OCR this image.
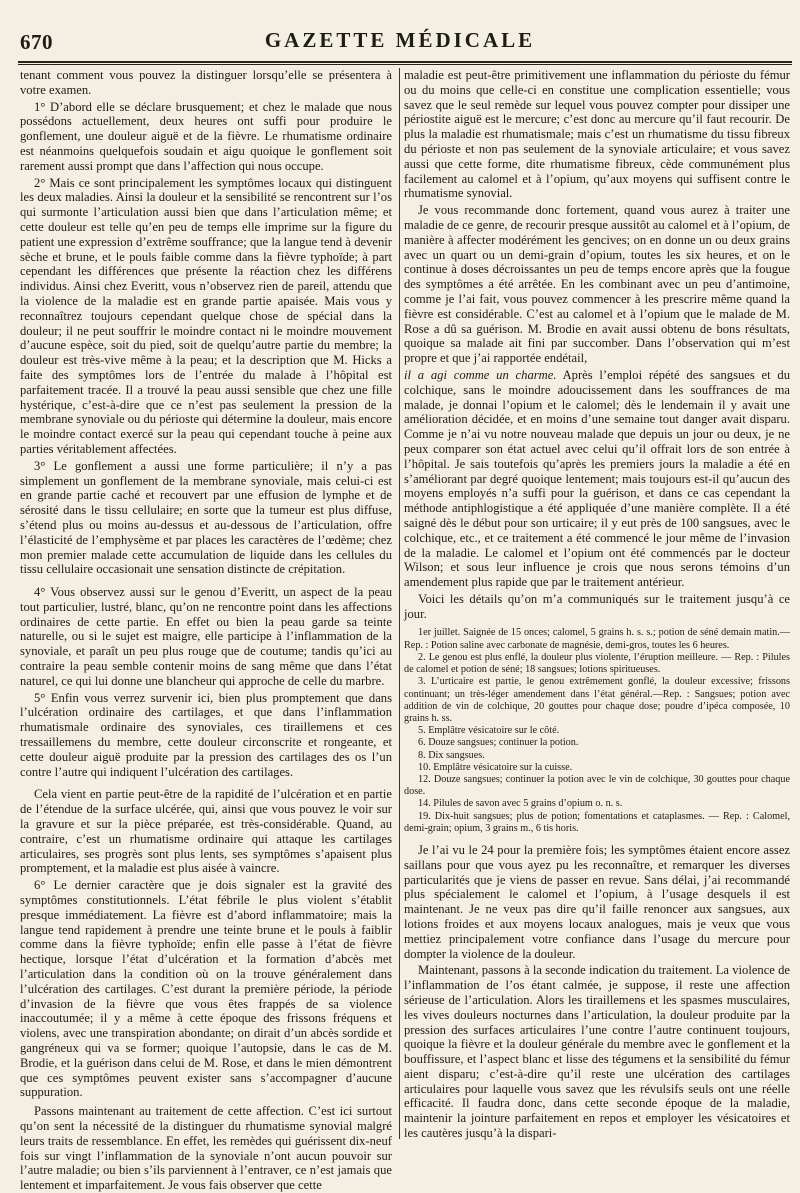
670	GAZETTE MÉDICALE

tenant comment vous pouvez la distinguer lorsqu’elle se présentera à votre examen.

1° D’abord elle se déclare brusquement; et chez le malade que nous possédons actuellement, deux heures ont suffi pour produire le gonflement, une douleur aiguë et de la fièvre. Le rhumatisme ordinaire est néanmoins quelquefois soudain et aigu quoique le gonflement soit rarement aussi prompt que dans l’affection qui nous occupe.

2° Mais ce sont principalement les symptômes locaux qui distinguent les deux maladies. Ainsi la douleur et la sensibilité se rencontrent sur l’os qui surmonte l’articulation aussi bien que dans l’articulation même; et cette douleur est telle qu’en peu de temps elle imprime sur la figure du patient une expression d’extrême souffrance; que la langue tend à devenir sèche et brune, et le pouls faible comme dans la fièvre typhoïde; à part cependant les différences que présente la réaction chez les différens individus. Ainsi chez Everitt, vous n’observez rien de pareil, attendu que la violence de la maladie est en grande partie apaisée. Mais vous y reconnaîtrez toujours cependant quelque chose de spécial dans la douleur; il ne peut souffrir le moindre contact ni le moindre mouvement d’aucune espèce, soit du pied, soit de quelqu’autre partie du membre; la douleur est très-vive même à la peau; et la description que M. Hicks a faite des symptômes lors de l’entrée du malade à l’hôpital est parfaitement tracée. Il a trouvé la peau aussi sensible que chez une fille hystérique, c’est-à-dire que ce n’est pas seulement la pression de la membrane synoviale ou du périoste qui détermine la douleur, mais encore le moindre contact exercé sur la peau qui cependant touche à peine aux parties véritablement affectées.

3° Le gonflement a aussi une forme particulière; il n’y a pas simplement un gonflement de la membrane synoviale, mais celui-ci est en grande partie caché et recouvert par une effusion de lymphe et de sérosité dans le tissu cellulaire; en sorte que la tumeur est plus diffuse, s’étend plus ou moins au-dessus et au-dessous de l’articulation, offre l’élasticité de l’emphysème et par places les caractères de l’œdème; chez mon premier malade cette accumulation de liquide dans les cellules du tissu cellulaire occasionait une sensation distincte de crépitation.

4° Vous observez aussi sur le genou d’Everitt, un aspect de la peau tout particulier, lustré, blanc, qu’on ne rencontre point dans les affections ordinaires de cette partie. En effet ou bien la peau garde sa teinte naturelle, ou si le sujet est maigre, elle participe à l’inflammation de la synoviale, et paraît un peu plus rouge que de coutume; tandis qu’ici au contraire la peau semble contenir moins de sang même que dans l’état naturel, ce qui lui donne une blancheur qui approche de celle du marbre.

5° Enfin vous verrez survenir ici, bien plus promptement que dans l’ulcération ordinaire des cartilages, et que dans l’inflammation rhumatismale ordinaire des synoviales, ces tiraillemens et ces tressaillemens du membre, cette douleur circonscrite et rongeante, et cette douleur aiguë produite par la pression des cartilages des os l’un contre l’autre qui indiquent l’ulcération des cartilages.

Cela vient en partie peut-être de la rapidité de l’ulcération et en partie de l’étendue de la surface ulcérée, qui, ainsi que vous pouvez le voir sur la gravure et sur la pièce préparée, est très-considérable. Quand, au contraire, c’est un rhumatisme ordinaire qui attaque les cartilages articulaires, ses progrès sont plus lents, ses symptômes s’apaisent plus promptement, et la maladie est plus aisée à vaincre.

6° Le dernier caractère que je dois signaler est la gravité des symptômes constitutionnels. L’état fébrile le plus violent s’établit presque immédiatement. La fièvre est d’abord inflammatoire; mais la langue tend rapidement à prendre une teinte brune et le pouls à faiblir comme dans la fièvre typhoïde; enfin elle passe à l’état de fièvre hectique, lorsque l’état d’ulcération et la formation d’abcès met l’articulation dans la condition où on la trouve généralement dans l’ulcération des cartilages. C’est durant la première période, la période d’invasion de la fièvre que vous êtes frappés de sa violence inaccoutumée; il y a même à cette époque des frissons fréquens et violens, avec une transpiration abondante; on dirait d’un abcès sordide et gangréneux qui va se former; quoique l’autopsie, dans le cas de M. Brodie, et la guérison dans celui de M. Rose, et dans le mien démontrent que ces symptômes peuvent exister sans s’accompagner d’aucune suppuration.

Passons maintenant au traitement de cette affection. C’est ici surtout qu’on sent la nécessité de la distinguer du rhumatisme synovial malgré leurs traits de ressemblance. En effet, les remèdes qui guérissent dix-neuf fois sur vingt l’inflammation de la synoviale n’ont aucun pouvoir sur l’autre maladie; ou bien s’ils parviennent à l’entraver, ce n’est jamais que lentement et imparfaitement. Je vous fais observer que cette

maladie est peut-être primitivement une inflammation du périoste du fémur ou du moins que celle-ci en constitue une complication essentielle; vous savez que le seul remède sur lequel vous pouvez compter pour dissiper une périostite aiguë est le mercure; c’est donc au mercure qu’il faut recourir. De plus la maladie est rhumatismale; mais c’est un rhumatisme du tissu fibreux du périoste et non pas seulement de la synoviale articulaire; et vous savez aussi que cette forme, dite rhumatisme fibreux, cède communément plus facilement au calomel et à l’opium, qu’aux moyens qui suffisent contre le rhumatisme synovial.

Je vous recommande donc fortement, quand vous aurez à traiter une maladie de ce genre, de recourir presque aussitôt au calomel et à l’opium, de manière à affecter modérément les gencives; on en donne un ou deux grains avec un quart ou un demi-grain d’opium, toutes les six heures, et on le continue à doses décroissantes un peu de temps encore après que la fougue des symptômes a été arrêtée. En les combinant avec un peu d’antimoine, comme je l’ai fait, vous pouvez commencer à les prescrire même quand la fièvre est considérable. C’est au calomel et à l’opium que le malade de M. Rose a dû sa guérison. M. Brodie en avait aussi obtenu de bons résultats, quoique sa malade ait fini par succomber. Dans l’observation qui m’est propre et que j’ai rapportée endétail,

il a agi comme un charme. Après l’emploi répété des sangsues et du colchique, sans le moindre adoucissement dans les souffrances de ma malade, je donnai l’opium et le calomel; dès le lendemain il y avait une amélioration décidée, et en moins d’une semaine tout danger avait disparu. Comme je n’ai vu notre nouveau malade que depuis un jour ou deux, je ne peux comparer son état actuel avec celui qu’il offrait lors de son entrée à l’hôpital. Je sais toutefois qu’après les premiers jours la maladie a été en s’améliorant par degré quoique lentement; mais toujours est-il qu’aucun des moyens employés n’a suffi pour la guérison, et dans ce cas cependant la méthode antiphlogistique a été appliquée d’une manière complète. Il a été saigné dès le début pour son urticaire; il y eut près de 100 sangsues, avec le colchique, etc., et ce traitement a été commencé le jour même de l’invasion de la maladie. Le calomel et l’opium ont été commencés par le docteur Wilson; et sous leur influence je crois que nous serons témoins d’un amendement plus rapide que par le traitement antérieur.

Voici les détails qu’on m’a communiqués sur le traitement jusqu’à ce jour.

1er juillet. Saignée de 15 onces; calomel, 5 grains h. s. s.; potion de séné demain matin.— Rep. : Potion saline avec carbonate de magnésie, demi-gros, toutes les 6 heures.

2. Le genou est plus enflé, la douleur plus violente, l’éruption meilleure. — Rep. : Pilules de calomel et potion de séné; 18 sangsues; lotions spiritueuses.

3. L’urticaire est partie, le genou extrêmement gonflé, la douleur excessive; frissons continuant; un très-léger amendement dans l’état général.—Rep. : Sangsues; potion avec addition de vin de colchique, 20 gouttes pour chaque dose; poudre d’ipéca composée, 10 grains h. ss.

5. Emplâtre vésicatoire sur le côté.

6. Douze sangsues; continuer la potion.

8. Dix sangsues.

10. Emplâtre vésicatoire sur la cuisse.

12. Douze sangsues; continuer la potion avec le vin de colchique, 30 gouttes pour chaque dose.

14. Pilules de savon avec 5 grains d’opium o. n. s.

19. Dix-huit sangsues; plus de potion; fomentations et cataplasmes. — Rep. : Calomel, demi-grain; opium, 3 grains m., 6 tis horis.

Je l’ai vu le 24 pour la première fois; les symptômes étaient encore assez saillans pour que vous ayez pu les reconnaître, et remarquer les diverses particularités que je viens de passer en revue. Sans délai, j’ai recommandé plus spécialement le calomel et l’opium, à l’usage desquels il est maintenant. Je ne veux pas dire qu’il faille renoncer aux sangsues, aux lotions froides et aux moyens locaux analogues, mais je veux que vous mettiez principalement votre confiance dans l’usage du mercure pour dompter la violence de la douleur.

Maintenant, passons à la seconde indication du traitement. La violence de l’inflammation de l’os étant calmée, je suppose, il reste une affection sérieuse de l’articulation. Alors les tiraillemens et les spasmes musculaires, les vives douleurs nocturnes dans l’articulation, la douleur produite par la pression des surfaces articulaires l’une contre l’autre continuent toujours, quoique la fièvre et la douleur générale du membre avec le gonflement et la bouffissure, et l’aspect blanc et lisse des tégumens et la sensibilité du fémur aient disparu; c’est-à-dire qu’il reste une ulcération des cartilages articulaires pour laquelle vous savez que les révulsifs seuls ont une réelle efficacité. Il faudra donc, dans cette seconde époque de la maladie, maintenir la jointure parfaitement en repos et employer les vésicatoires et les cautères jusqu’à la dispari-
